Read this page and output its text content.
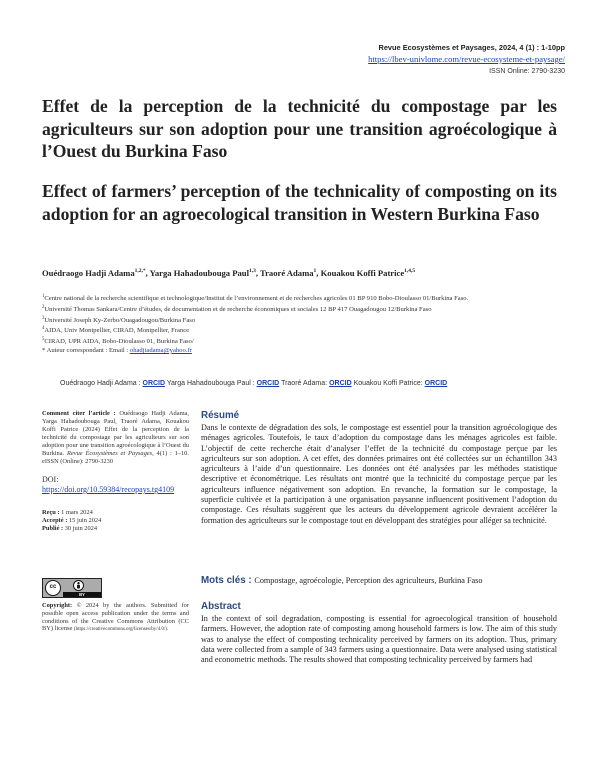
Revue Ecosystèmes et Paysages, 2024, 4 (1) : 1-10pp
https://lbev-univlome.com/revue-ecosysteme-et-paysage/
ISSN Online: 2790-3230
Effet de la perception de la technicité du compostage par les agriculteurs sur son adoption pour une transition agroécologique à l’Ouest du Burkina Faso
Effect of farmers’ perception of the technicality of composting on its adoption for an agroecological transition in Western Burkina Faso
Ouédraogo Hadji Adama$^{1,2,*}$, Yarga Hahadoubouga Paul$^{1,3}$, Traoré Adama$^1$, Kouakou Koffi Patrice$^{1,4,5}$
$^1$Centre national de la recherche scientifique et technologique/Institut de l’environnement et de recherches agricoles 01 BP 910 Bobo-Dioulasso 01/Burkina Faso.
$^2$Université Thomas Sankara/Centre d’études, de documentation et de recherche économiques et sociales 12 BP 417 Ouagadougou 12/Burkina Faso
$^3$Université Joseph Ky-Zerbo/Ouagadougou/Burkina Faso
$^4$AIDA, Univ Montpellier, CIRAD, Montpellier, France
$^5$CIRAD, UPR AIDA, Bobo-Dioulasso 01, Burkina Faso/
* Auteur correspondant : Email : ohadjiadama@yahoo.fr
Ouédraogo Hadji Adama : ORCID Yarga Hahadoubouga Paul : ORCID Traoré Adama: ORCID Kouakou Koffi Patrice: ORCID
Comment citer l’article : Ouédraogo Hadji Adama, Yarga Hahadoubouga Paul, Traoré Adama, Kouakou Koffi Patrice (2024) Effet de la perception de la technicité du compostage par les agriculteurs sur son adoption pour une transition agroécologique à l’Ouest du Burkina. Revue Écosystèmes et Paysages, 4(1) : 1–10. eISSN (Online): 2790-3230
DOI: https://doi.org/10.59384/recopays.tg4109
Reçu : 1 mars 2024
Accepté : 15 juin 2024
Publié : 30 juin 2024
cc
BY
Copyright: © 2024 by the authors. Submitted for possible open access publication under the terms and conditions of the Creative Commons Attribution (CC BY) license (https://creativecommons.org/licenses/by/4.0/).
Résumé
Dans le contexte de dégradation des sols, le compostage est essentiel pour la transition agroécologique des ménages agricoles. Toutefois, le taux d’adoption du compostage dans les ménages agricoles est faible. L’objectif de cette recherche était d’analyser l’effet de la technicité du compostage perçue par les agriculteurs sur son adoption. A cet effet, des données primaires ont été collectées sur un échantillon 343 agriculteurs à l’aide d’un questionnaire. Les données ont été analysées par les méthodes statistique descriptive et économétrique. Les résultats ont montré que la technicité du compostage perçue par les agriculteurs influence négativement son adoption. En revanche, la formation sur le compostage, la superficie cultivée et la participation à une organisation paysanne influencent positivement l’adoption du compostage. Ces résultats suggèrent que les acteurs du développement agricole devraient accélérer la formation des agriculteurs sur le compostage tout en développant des stratégies pour alléger sa technicité.
Mots clés : Compostage, agroécologie, Perception des agriculteurs, Burkina Faso
Abstract
In the context of soil degradation, composting is essential for agroecological transition of household farmers. However, the adoption rate of composting among household farmers is low. The aim of this study was to analyse the effect of composting technicality perceived by farmers on its adoption. Thus, primary data were collected from a sample of 343 farmers using a questionnaire. Data were analysed using statistical and econometric methods. The results showed that composting technicality perceived by farmers had
